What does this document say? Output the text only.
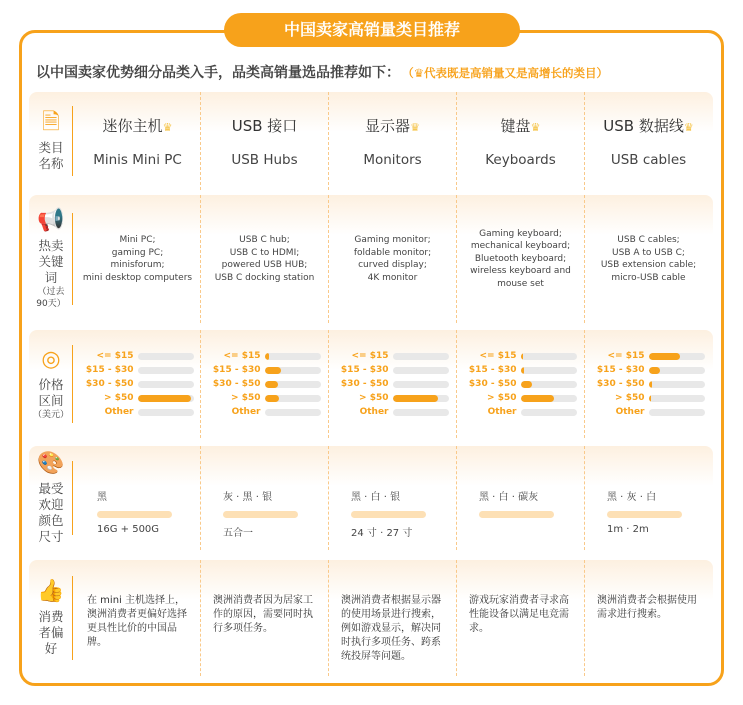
中国卖家高销量类目推荐
以中国卖家优势细分品类入手，品类高销量选品推荐如下： （♛代表既是高销量又是高增长的类目）
🗎
类目名称
迷你主机♛
Minis Mini PC
USB 接口
USB Hubs
显示器♛
Monitors
键盘♛
Keyboards
USB 数据线♛
USB cables
📢
热卖关键词
（过去90天）
Mini PC;
gaming PC;
minisforum;
mini desktop computers
USB C hub;
USB C to HDMI;
powered USB HUB;
USB C docking station
Gaming monitor;
foldable monitor;
curved display;
4K monitor
Gaming keyboard;
mechanical keyboard;
Bluetooth keyboard;
wireless keyboard and mouse set
USB C cables;
USB A to USB C;
USB extension cable;
micro-USB cable
◎
价格区间
（美元）
<= $15
$15 - $30
$30 - $50
> $50
Other
<= $15
$15 - $30
$30 - $50
> $50
Other
<= $15
$15 - $30
$30 - $50
> $50
Other
<= $15
$15 - $30
$30 - $50
> $50
Other
<= $15
$15 - $30
$30 - $50
> $50
Other
🎨
最受欢迎颜色尺寸
黑
16G + 500G
灰 · 黑 · 银
五合一
黑 · 白 · 银
24 寸 · 27 寸
黑 · 白 · 碳灰	黑 · 灰 · 白
1m · 2m
👍
消费者偏好
在 mini 主机选择上，澳洲消费者更偏好选择更具性比价的中国品牌。
澳洲消费者因为居家工作的原因，需要同时执行多项任务。
澳洲消费者根据显示器的使用场景进行搜索，例如游戏显示，解决同时执行多项任务、跨系统投屏等问题。
游戏玩家消费者寻求高性能设备以满足电竞需求。
澳洲消费者会根据使用需求进行搜索。
